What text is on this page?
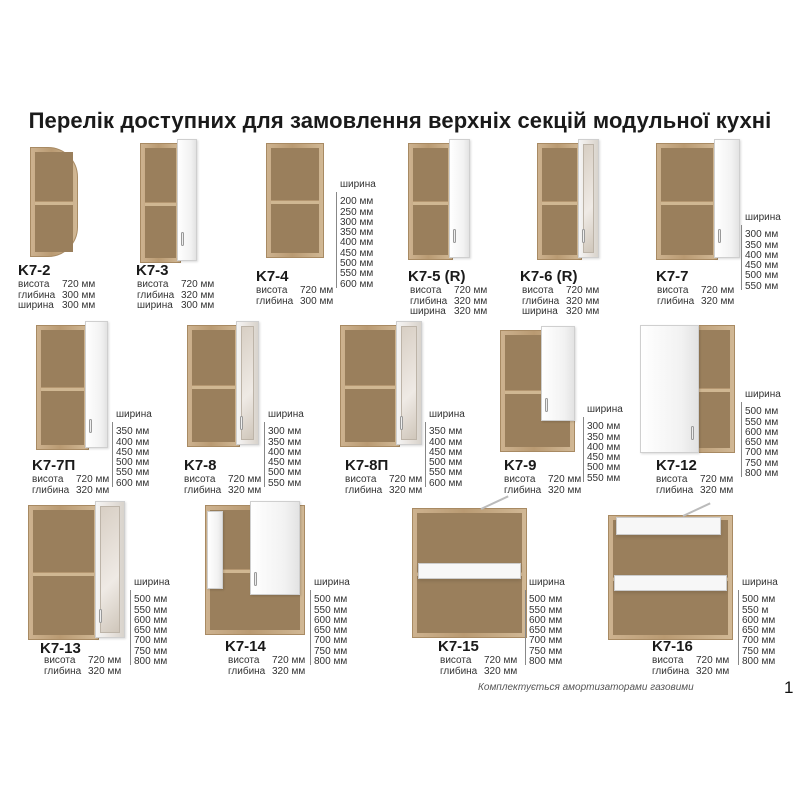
Перелік доступних для замовлення верхніх секцій модульної кухні
K7-2
висота 720 мм
глибина 300 мм
ширина 300 мм
K7-3
висота 720 мм
глибина 320 мм
ширина 300 мм
K7-4
висота 720 мм
глибина 300 мм
ширина
200 мм
250 мм
300 мм
350 мм
400 мм
450 мм
500 мм
550 мм
600 мм K7-5 (R)
висота 720 мм
глибина 320 мм
ширина 320 мм
K7-6 (R)
висота 720 мм
глибина 320 мм
ширина 320 мм
K7-7
висота 720 мм
глибина 320 мм
ширина
300 мм
350 мм
400 мм
450 мм
500 мм
550 мм
K7-7П
висота 720 мм
глибина 320 мм
ширина
350 мм
400 мм
450 мм
500 мм
550 мм
600 мм
K7-8
висота 720 мм
глибина 320 мм
ширина
300 мм
350 мм
400 мм
450 мм
500 мм
550 мм
K7-8П
висота 720 мм
глибина 320 мм
ширина
350 мм
400 мм
450 мм
500 мм
550 мм
600 мм
K7-9
висота 720 мм
глибина 320 мм
ширина
300 мм
350 мм
400 мм
450 мм
500 мм
550 мм
K7-12
висота 720 мм
глибина 320 мм
ширина
500 мм
550 мм
600 мм
650 мм
700 мм
750 мм
800 мм
K7-13
висота 720 мм
глибина 320 мм
ширина
500 мм
550 мм
600 мм
650 мм
700 мм
750 мм
800 мм
K7-14
висота 720 мм
глибина 320 мм
ширина
500 мм
550 мм
600 мм
650 мм
700 мм
750 мм
800 мм
K7-15
висота 720 мм
глибина 320 мм
ширина
500 мм
550 мм
600 мм
650 мм
700 мм
750 мм
800 мм
K7-16
висота 720 мм
глибина 320 мм
ширина
500 мм
550 м
600 мм
650 мм
700 мм
750 мм
800 мм
Комплектується амортизаторами газовими	1
